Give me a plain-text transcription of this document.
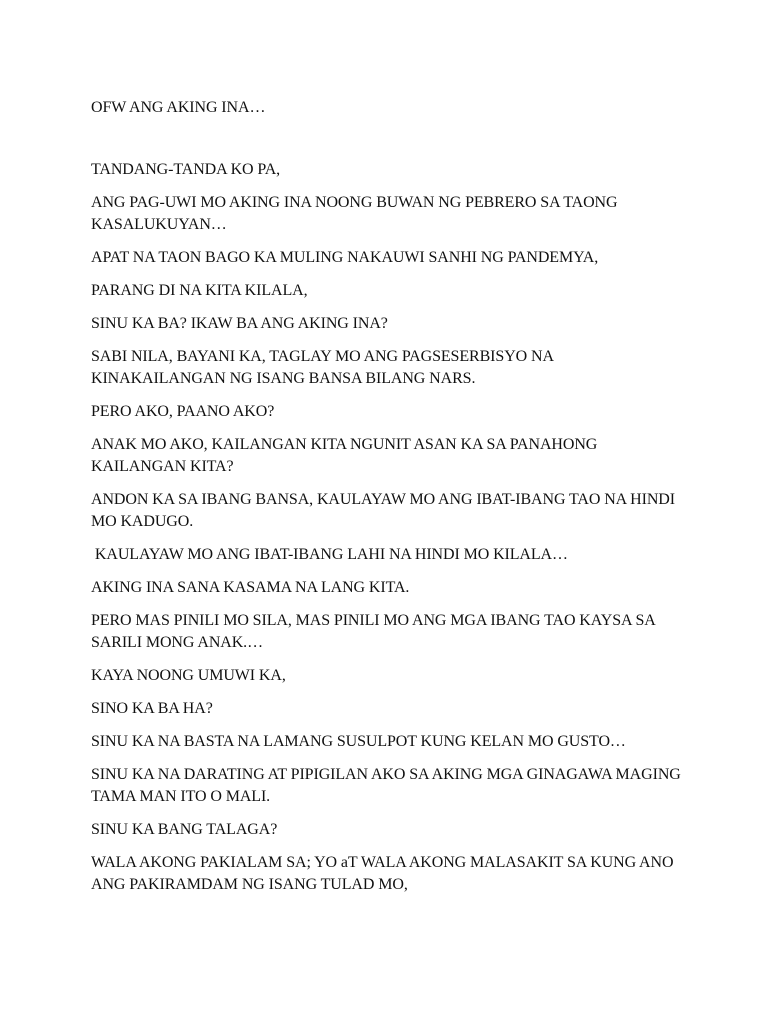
OFW ANG AKING INA…

TANDANG-TANDA KO PA,

ANG PAG-UWI MO AKING INA NOONG BUWAN NG PEBRERO SA TAONG KASALUKUYAN…

APAT NA TAON BAGO KA MULING NAKAUWI SANHI NG PANDEMYA,

PARANG DI NA KITA KILALA,

SINU KA BA? IKAW BA ANG AKING INA?

SABI NILA, BAYANI KA, TAGLAY MO ANG PAGSESERBISYO NA KINAKAILANGAN NG ISANG BANSA BILANG NARS.

PERO AKO, PAANO AKO?

ANAK MO AKO, KAILANGAN KITA NGUNIT ASAN KA SA PANAHONG KAILANGAN KITA?

ANDON KA SA IBANG BANSA, KAULAYAW MO ANG IBAT-IBANG TAO NA HINDI MO KADUGO.

KAULAYAW MO ANG IBAT-IBANG LAHI NA HINDI MO KILALA…

AKING INA SANA KASAMA NA LANG KITA.

PERO MAS PINILI MO SILA, MAS PINILI MO ANG MGA IBANG TAO KAYSA SA SARILI MONG ANAK.…

KAYA NOONG UMUWI KA,

SINO KA BA HA?

SINU KA NA BASTA NA LAMANG SUSULPOT KUNG KELAN MO GUSTO…

SINU KA NA DARATING AT PIPIGILAN AKO SA AKING MGA GINAGAWA MAGING TAMA MAN ITO O MALI.

SINU KA BANG TALAGA?

WALA AKONG PAKIALAM SA; YO aT WALA AKONG MALASAKIT SA KUNG ANO ANG PAKIRAMDAM NG ISANG TULAD MO,
